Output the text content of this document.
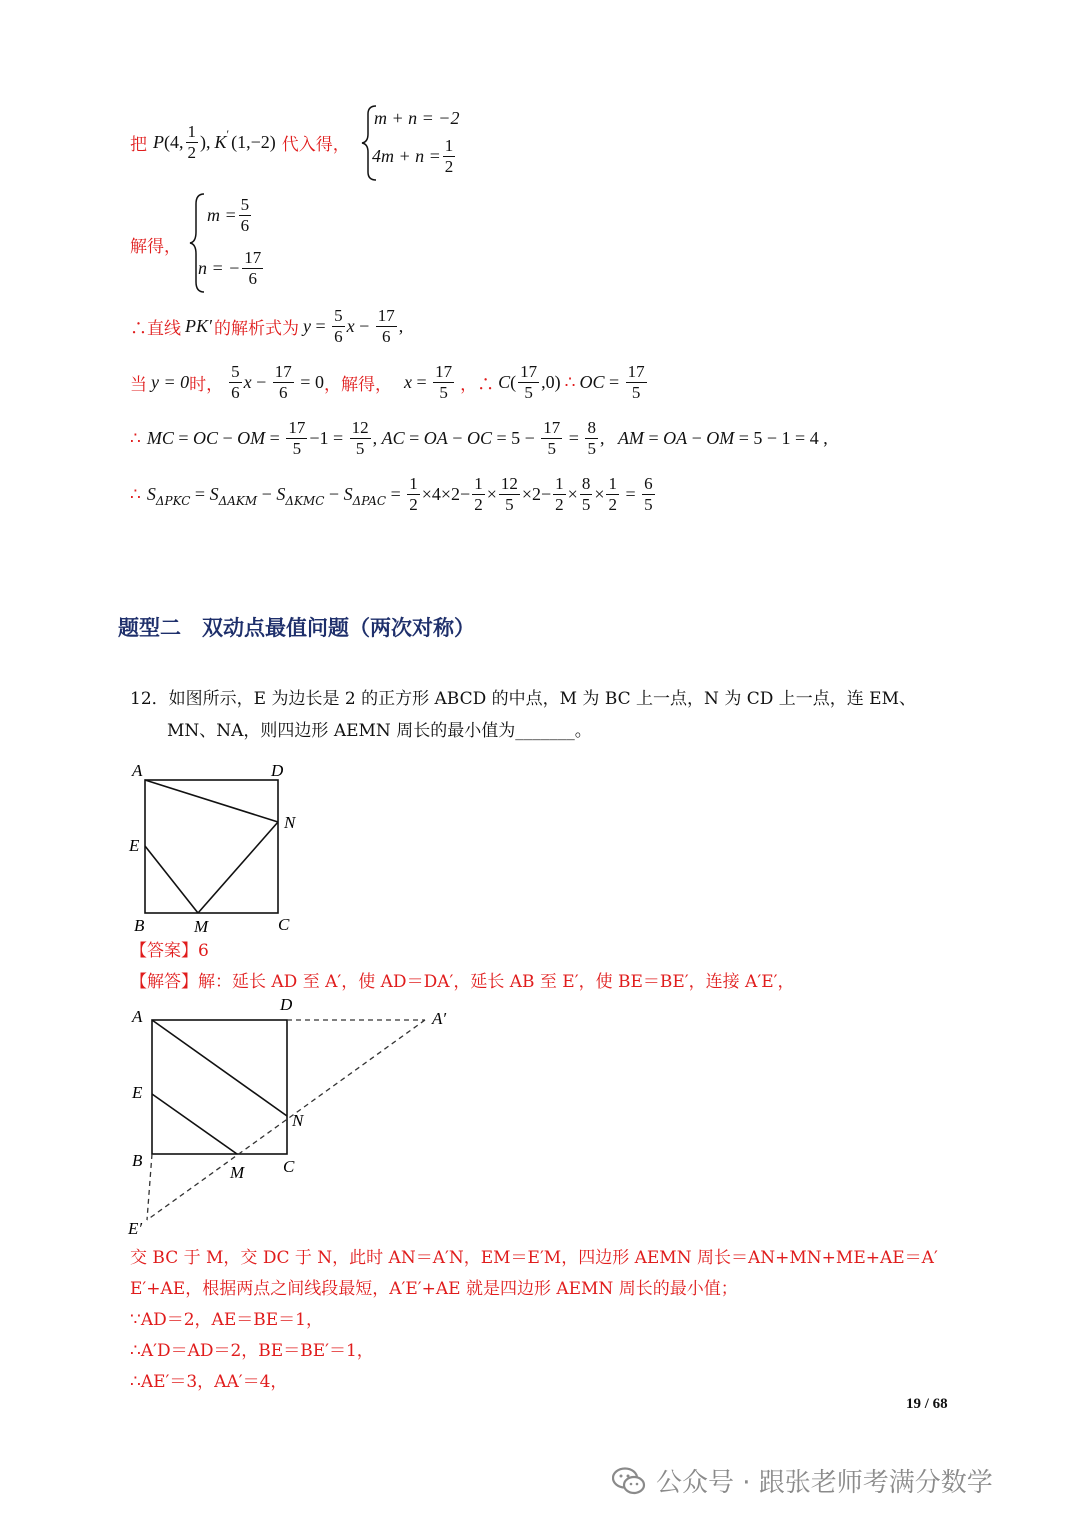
把 P (4, $\frac{1}{2}$ ), K ′ (1,−2) 代入得，
m + n = −2
$4m + n = \frac{1}{2}$
解得，
$m = \frac{5}{6}$
n = − $\frac{17}{6}$
∴直线 PK′ 的解析式为 $y = \frac{5}{6}$ $x - \frac{17}{6}$ ,
当 y = 0 时， $\frac{5}{6}$ $x - \frac{17}{6} = 0$ ，解得， $x = \frac{17}{5}$ ，∴ C ( $\frac{17}{5} ,0$) ∴ OC = $\frac{17}{5}$
∴ MC = OC − OM = $\frac{17}{5} -1 = \frac{12}{5}$ , AC = OA − OC = $5 - \frac{17}{5} = \frac{8}{5}$ , AM = OA − OM = 5 − 1 = 4 ,
∴ S ΔPKC = S ΔAKM − S ΔKMC − S $\Delta PAC = \frac{1}{2} \times 4\times 2- \frac{1}{2} \times \frac{12}{5} \times 2- \frac{1}{2} \times \frac{8}{5} \times \frac{1}{2} = \frac{6}{5}$
题型二　双动点最值问题（两次对称）
12．如图所示，E 为边长是 2 的正方形 ABCD 的中点，M 为 BC 上一点，N 为 CD 上一点，连 EM、
MN、NA，则四边形 AEMN 周长的最小值为_______。
A	D
N
E
B	M	C
【答案】6
【解答】解：延长 AD 至 A′，使 AD＝DA′，延长 AB 至 E′，使 BE＝BE′，连接 A′E′，
A
D
A′
E
N
B
M C
E′
交 BC 于 M，交 DC 于 N，此时 AN＝A′N，EM＝E′M，四边形 AEMN 周长＝AN+MN+ME+AE＝A′
E′+AE，根据两点之间线段最短，A′E′+AE 就是四边形 AEMN 周长的最小值；
∵AD＝2，AE＝BE＝1，
∴A′D＝AD＝2，BE＝BE′＝1，
∴AE′＝3，AA′＝4，
19 / 68
公众号 · 跟张老师考满分数学
